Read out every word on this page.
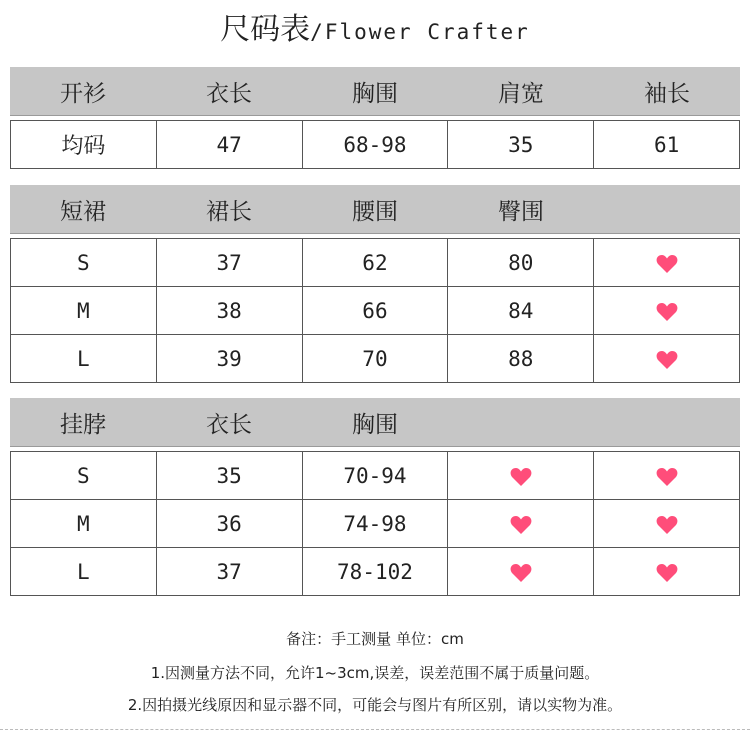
尺码表/Flower Crafter
开衫	衣长	胸围	肩宽	袖长
均码	47	68-98	35	61
短裙	裙长	腰围	臀围
S	37	62	80	
M	38	66	84	
L	39	70	88	
挂脖	衣长	胸围
S	35	70-94		
M	36	74-98		
L	37	78-102		
备注：手工测量 单位：cm
1.因测量方法不同，允许1~3cm,误差，误差范围不属于质量问题。
2.因拍摄光线原因和显示器不同，可能会与图片有所区别，请以实物为准。
